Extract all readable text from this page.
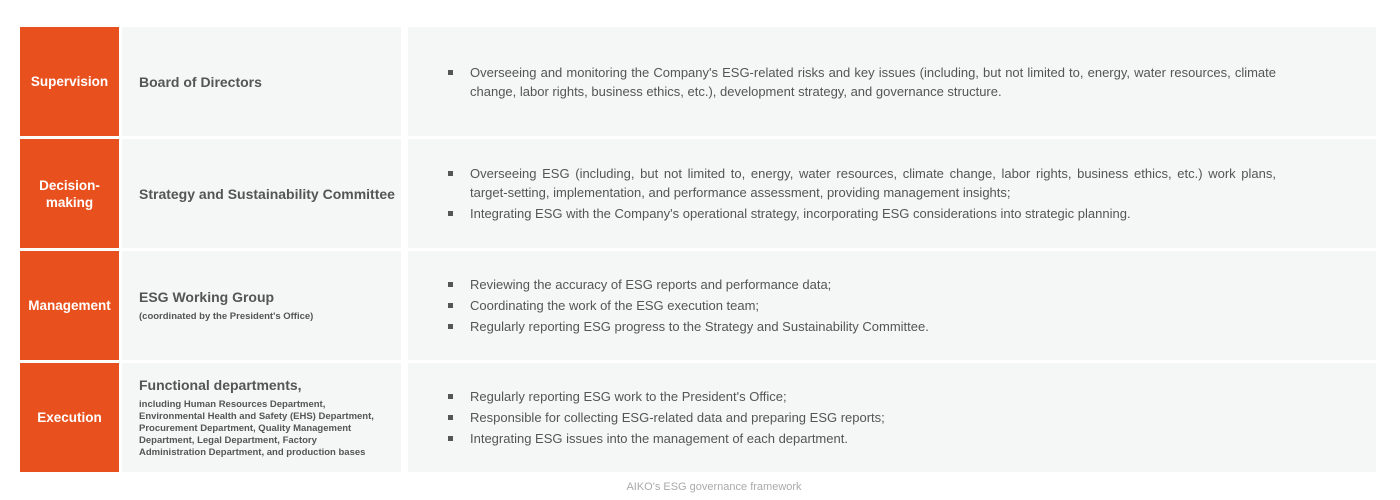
Supervision	Board of Directors
Overseeing and monitoring the Company's ESG-related risks and key issues (including, but not limited to, energy, water resources, climate change, labor rights, business ethics, etc.), development strategy, and governance structure.
Decision-making
Strategy and Sustainability Committee
Overseeing ESG (including, but not limited to, energy, water resources, climate change, labor rights, business ethics, etc.) work plans, target-setting, implementation, and performance assessment, providing management insights;
Integrating ESG with the Company's operational strategy, incorporating ESG considerations into strategic planning.
Management
ESG Working Group
(coordinated by the President's Office)
Reviewing the accuracy of ESG reports and performance data;
Coordinating the work of the ESG execution team;
Regularly reporting ESG progress to the Strategy and Sustainability Committee.
Execution
Functional departments,
including Human Resources Department, Environmental Health and Safety (EHS) Department, Procurement Department, Quality Management Department, Legal Department, Factory Administration Department, and production bases
Regularly reporting ESG work to the President's Office;
Responsible for collecting ESG-related data and preparing ESG reports;
Integrating ESG issues into the management of each department.
AIKO's ESG governance framework
